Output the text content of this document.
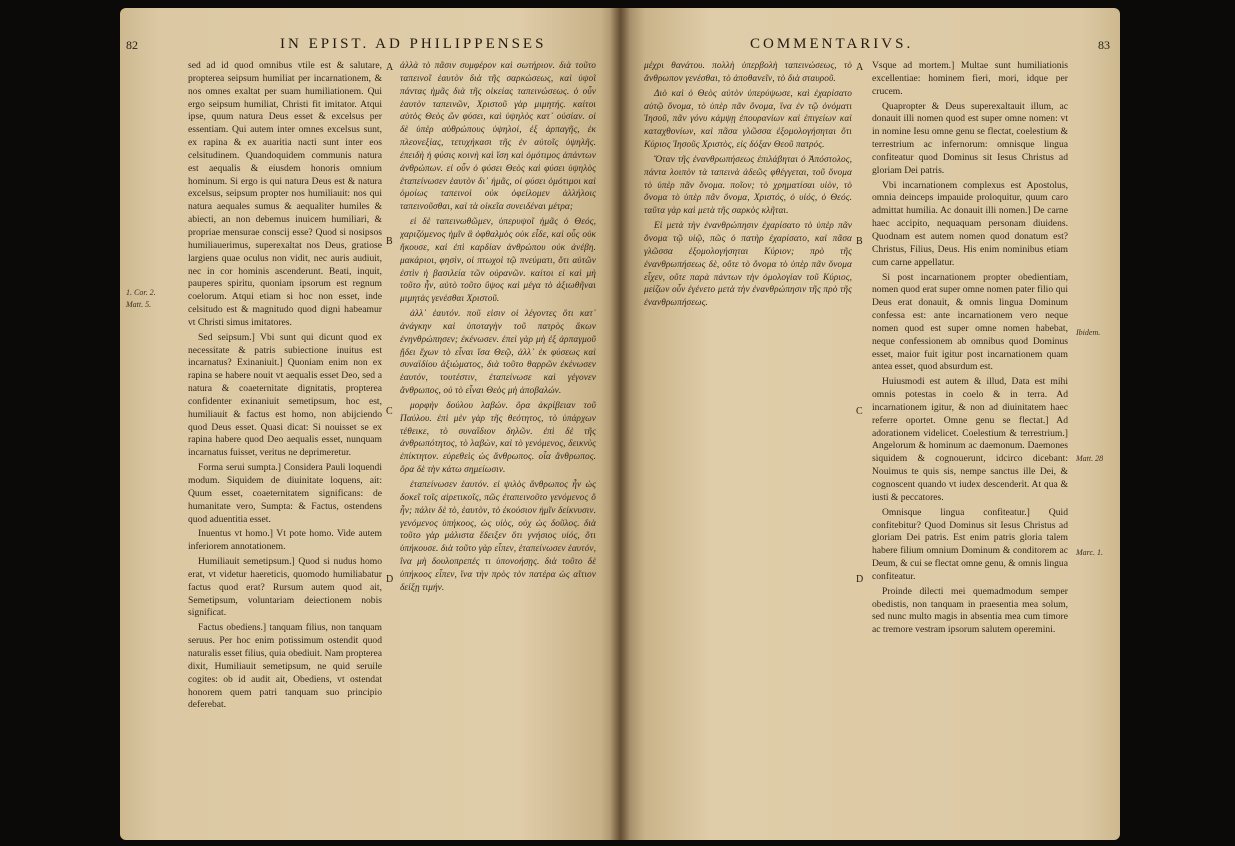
82	IN EPIST. AD PHILIPPENSES
1. Cor. 2.
Matt. 5.

sed ad id quod omnibus vtile est & salutare, propterea seipsum humiliat per incarnationem, & nos omnes exaltat per suam humiliationem. Qui ergo seipsum humiliat, Christi fit imitator. Atqui ipse, quum natura Deus esset & excelsus per essentiam. Qui autem inter omnes excelsus sunt, ex rapina & ex auaritia nacti sunt inter eos celsitudinem. Quandoquidem communis natura est aequalis & eiusdem honoris omnium hominum. Si ergo is qui natura Deus est & natura excelsus, seipsum propter nos humiliauit: nos qui natura aequales sumus & aequaliter humiles & abiecti, an non debemus inuicem humiliari, & propriae mensurae conscij esse? Quod si nosipsos humiliauerimus, superexaltat nos Deus, gratiose largiens quae oculus non vidit, nec auris audiuit, nec in cor hominis ascenderunt. Beati, inquit, pauperes spiritu, quoniam ipsorum est regnum coelorum. Atqui etiam si hoc non esset, inde celsitudo est & magnitudo quod digni habeamur vt Christi simus imitatores.

Sed seipsum.] Vbi sunt qui dicunt quod ex necessitate & patris subiectione inuitus est incarnatus? Exinaniuit.] Quoniam enim non ex rapina se habere nouit vt aequalis esset Deo, sed a natura & coaeternitate dignitatis, propterea confidenter exinaniuit semetipsum, hoc est, humiliauit & factus est homo, non abijciendo quod Deus esset. Quasi dicat: Si nouisset se ex rapina habere quod Deo aequalis esset, nunquam incarnatus fuisset, veritus ne deprimeretur.

Forma serui sumpta.] Considera Pauli loquendi modum. Siquidem de diuinitate loquens, ait: Quum esset, coaeternitatem significans: de humanitate vero, Sumpta: & Factus, ostendens quod aduentitia esset.

Inuentus vt homo.] Vt pote homo. Vide autem inferiorem annotationem.

Humiliauit semetipsum.] Quod si nudus homo erat, vt videtur haereticis, quomodo humiliabatur factus quod erat? Rursum autem quod ait, Semetipsum, voluntariam deiectionem nobis significat.

Factus obediens.] tanquam filius, non tanquam seruus. Per hoc enim potissimum ostendit quod naturalis esset filius, quia obediuit. Nam propterea dixit, Humiliauit semetipsum, ne quid seruile cogites: ob id audit ait, Obediens, vt ostendat honorem quem patri tanquam suo principio deferebat.

A
B
C
D

ἀλλὰ τὸ πᾶσιν συμφέρον καὶ σωτήριον. διὰ τοῦτο ταπεινοῖ ἑαυτὸν διὰ τῆς σαρκώσεως, καὶ ὑψοῖ πάντας ἡμᾶς διὰ τῆς οἰκείας ταπεινώσεως. ὁ οὖν ἑαυτὸν ταπεινῶν, Χριστοῦ γὰρ μιμητής. καίτοι αὐτὸς Θεὸς ὢν φύσει, καὶ ὑψηλὸς κατ᾽ οὐσίαν. οἱ δὲ ὑπὲρ αὐθρώπους ὑψηλοί, ἐξ ἁρπαγῆς, ἐκ πλεονεξίας, τετυχήκασι τῆς ἐν αὐτοῖς ὑψηλῆς. ἐπειδὴ ἡ φύσις κοινὴ καὶ ἴση καὶ ὁμότιμος ἁπάντων ἀνθρώπων. εἰ οὖν ὁ φύσει Θεὸς καὶ φύσει ὑψηλὸς ἐταπείνωσεν ἑαυτὸν δι᾽ ἡμᾶς, οἱ φύσει ὁμότιμοι καὶ ὁμοίως ταπεινοὶ οὐκ ὀφείλομεν ἀλλήλοις ταπεινοῦσθαι, καὶ τὰ οἰκεῖα συνειδέναι μέτρα;

εἰ δὲ ταπεινωθῶμεν, ὑπερυψοῖ ἡμᾶς ὁ Θεός, χαριζόμενος ἡμῖν ἃ ὀφθαλμὸς οὐκ εἶδε, καὶ οὖς οὐκ ἤκουσε, καὶ ἐπὶ καρδίαν ἀνθρώπου οὐκ ἀνέβη. μακάριοι, φησὶν, οἱ πτωχοὶ τῷ πνεύματι, ὅτι αὐτῶν ἐστὶν ἡ βασιλεία τῶν οὐρανῶν. καίτοι εἰ καὶ μὴ τοῦτο ἦν, αὐτὸ τοῦτο ὕψος καὶ μέγα τὸ ἀξιωθῆναι μιμητὰς γενέσθαι Χριστοῦ.

ἀλλ᾽ ἑαυτόν. ποῦ εἰσιν οἱ λέγοντες ὅτι κατ᾽ ἀνάγκην καὶ ὑποταγὴν τοῦ πατρὸς ἄκων ἐνηνθρώπησεν; ἐκένωσεν. ἐπεὶ γὰρ μὴ ἐξ ἁρπαγμοῦ ᾔδει ἔχων τὸ εἶναι ἴσα Θεῷ, ἀλλ᾽ ἐκ φύσεως καὶ συναϊδίου ἀξιώματος, διὰ τοῦτο θαρρῶν ἐκένωσεν ἑαυτόν, τουτέστιν, ἐταπείνωσε καὶ γέγονεν ἄνθρωπος, οὐ τὸ εἶναι Θεὸς μὴ ἀποβαλών.

μορφὴν δούλου λαβών. ὅρα ἀκρίβειαν τοῦ Παύλου. ἐπὶ μὲν γὰρ τῆς θεότητος, τὸ ὑπάρχων τέθεικε, τὸ συναΐδιον δηλῶν. ἐπὶ δὲ τῆς ἀνθρωπότητος, τὸ λαβὼν, καὶ τὸ γενόμενος, δεικνὺς ἐπίκτητον. εὑρεθεὶς ὡς ἄνθρωπος. οἷα ἄνθρωπος. ὅρα δὲ τὴν κάτω σημείωσιν.

ἐταπείνωσεν ἑαυτόν. εἰ ψιλὸς ἄνθρωπος ἦν ὡς δοκεῖ τοῖς αἱρετικοῖς, πῶς ἐταπεινοῦτο γενόμενος ὃ ἦν; πάλιν δὲ τὸ, ἑαυτὸν, τὸ ἑκούσιον ἡμῖν δείκνυσιν. γενόμενος ὑπήκοος, ὡς υἱὸς, οὐχ ὡς δοῦλος. διὰ τοῦτο γὰρ μάλιστα ἔδειξεν ὅτι γνήσιος υἱός, ὅτι ὑπήκουσε. διὰ τοῦτο γὰρ εἶπεν, ἐταπείνωσεν ἑαυτόν, ἵνα μὴ δουλοπρεπές τι ὑπονοήσῃς. διὰ τοῦτο δὲ ὑπήκοος εἶπεν, ἵνα τὴν πρὸς τὸν πατέρα ὡς αἴτιον δείξῃ τιμήν.

COMMENTARIVS.	83

μέχρι θανάτου. πολλὴ ὑπερβολὴ ταπεινώσεως, τὸ ἄνθρωπον γενέσθαι, τὸ ἀποθανεῖν, τὸ διὰ σταυροῦ.

Διὸ καὶ ὁ Θεὸς αὐτὸν ὑπερύψωσε, καὶ ἐχαρίσατο αὐτῷ ὄνομα, τὸ ὑπὲρ πᾶν ὄνομα, ἵνα ἐν τῷ ὀνόματι Ἰησοῦ, πᾶν γόνυ κάμψῃ ἐπουρανίων καὶ ἐπιγείων καὶ καταχθονίων, καὶ πᾶσα γλῶσσα ἐξομολογήσηται ὅτι Κύριος Ἰησοῦς Χριστὸς, εἰς δόξαν Θεοῦ πατρός.

Ὅταν τῆς ἐνανθρωπήσεως ἐπιλάβηται ὁ Ἀπόστολος, πάντα λοιπὸν τὰ ταπεινὰ ἀδεῶς φθέγγεται, τοῦ ὄνομα τὸ ὑπὲρ πᾶν ὄνομα. ποῖον; τὸ χρηματίσαι υἱὸν, τὸ ὄνομα τὸ ὑπὲρ πᾶν ὄνομα, Χριστός, ὁ υἱός, ὁ Θεός. ταῦτα γὰρ καὶ μετὰ τῆς σαρκὸς κλῆται.

Εἰ μετὰ τὴν ἐνανθρώπησιν ἐχαρίσατο τὸ ὑπὲρ πᾶν ὄνομα τῷ υἱῷ, πῶς ὁ πατὴρ ἐχαρίσατο, καὶ πᾶσα γλῶσσα ἐξομολογήσηται Κύριον; πρὸ τῆς ἐνανθρωπήσεως δὲ, οὔτε τὸ ὄνομα τὸ ὑπὲρ πᾶν ὄνομα εἶχεν, οὔτε παρὰ πάντων τὴν ὁμολογίαν τοῦ Κύριος, μείζων οὖν ἐγένετο μετὰ τὴν ἐνανθρώπησιν τῆς πρὸ τῆς ἐνανθρωπήσεως.

A
B
C
D

Vsque ad mortem.] Multae sunt humiliationis excellentiae: hominem fieri, mori, idque per crucem.

Quapropter & Deus superexaltauit illum, ac donauit illi nomen quod est super omne nomen: vt in nomine Iesu omne genu se flectat, coelestium & terrestrium ac infernorum: omnisque lingua confiteatur quod Dominus sit Iesus Christus ad gloriam Dei patris.

Vbi incarnationem complexus est Apostolus, omnia deinceps impauide proloquitur, quum caro admittat humilia. Ac donauit illi nomen.] De carne haec accipito, nequaquam personam diuidens. Quodnam est autem nomen quod donatum est? Christus, Filius, Deus. His enim nominibus etiam cum carne appellatur.

Si post incarnationem propter obedientiam, nomen quod erat super omne nomen pater filio qui Deus erat donauit, & omnis lingua Dominum confessa est: ante incarnationem vero neque nomen quod est super omne nomen habebat, neque confessionem ab omnibus quod Dominus esset, maior fuit igitur post incarnationem quam antea esset, quod absurdum est.

Huiusmodi est autem & illud, Data est mihi omnis potestas in coelo & in terra. Ad incarnationem igitur, & non ad diuinitatem haec referre oportet. Omne genu se flectat.] Ad adorationem videlicet. Coelestium & terrestrium.] Angelorum & hominum ac daemonum. Daemones siquidem & cognouerunt, idcirco dicebant: Nouimus te quis sis, nempe sanctus ille Dei, & cognoscent quando vt iudex descenderit. At qua & iusti & peccatores.

Omnisque lingua confiteatur.] Quid confitebitur? Quod Dominus sit Iesus Christus ad gloriam Dei patris. Est enim patris gloria talem habere filium omnium Dominum & conditorem ac Deum, & cui se flectat omne genu, & omnis lingua confiteatur.

Proinde dilecti mei quemadmodum semper obedistis, non tanquam in praesentia mea solum, sed nunc multo magis in absentia mea cum timore ac tremore vestram ipsorum salutem operemini.

Ibidem.
Matt. 28
Marc. 1.
